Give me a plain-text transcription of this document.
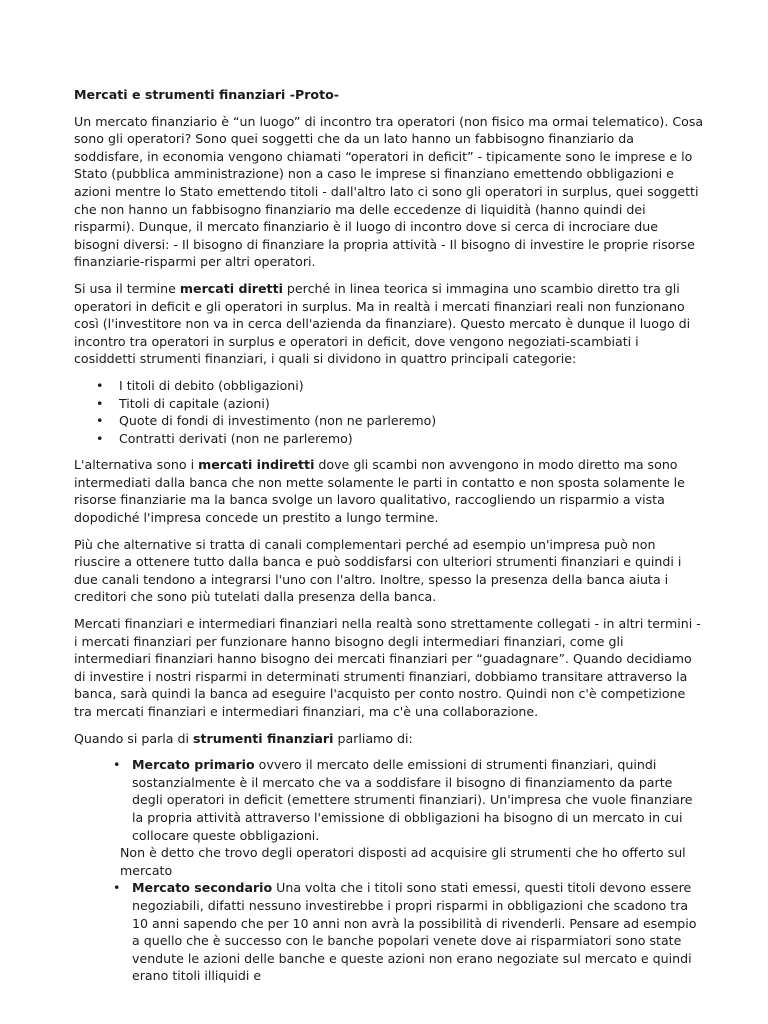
Mercati e strumenti finanziari -Proto-

Un mercato finanziario è “un luogo” di incontro tra operatori (non fisico ma ormai telematico). Cosa sono gli operatori? Sono quei soggetti che da un lato hanno un fabbisogno finanziario da soddisfare, in economia vengono chiamati “operatori in deficit” - tipicamente sono le imprese e lo Stato (pubblica amministrazione) non a caso le imprese si finanziano emettendo obbligazioni e azioni mentre lo Stato emettendo titoli - dall'altro lato ci sono gli operatori in surplus, quei soggetti che non hanno un fabbisogno finanziario ma delle eccedenze di liquidità (hanno quindi dei risparmi). Dunque, il mercato finanziario è il luogo di incontro dove si cerca di incrociare due bisogni diversi: - Il bisogno di finanziare la propria attività - Il bisogno di investire le proprie risorse finanziarie-risparmi per altri operatori.

Si usa il termine mercati diretti perché in linea teorica si immagina uno scambio diretto tra gli operatori in deficit e gli operatori in surplus. Ma in realtà i mercati finanziari reali non funzionano così (l'investitore non va in cerca dell'azienda da finanziare). Questo mercato è dunque il luogo di incontro tra operatori in surplus e operatori in deficit, dove vengono negoziati-scambiati i cosiddetti strumenti finanziari, i quali si dividono in quattro principali categorie:

• I titoli di debito (obbligazioni)
• Titoli di capitale (azioni)
• Quote di fondi di investimento (non ne parleremo)
• Contratti derivati (non ne parleremo)

L'alternativa sono i mercati indiretti dove gli scambi non avvengono in modo diretto ma sono intermediati dalla banca che non mette solamente le parti in contatto e non sposta solamente le risorse finanziarie ma la banca svolge un lavoro qualitativo, raccogliendo un risparmio a vista dopodiché l'impresa concede un prestito a lungo termine.

Più che alternative si tratta di canali complementari perché ad esempio un'impresa può non riuscire a ottenere tutto dalla banca e può soddisfarsi con ulteriori strumenti finanziari e quindi i due canali tendono a integrarsi l'uno con l'altro. Inoltre, spesso la presenza della banca aiuta i creditori che sono più tutelati dalla presenza della banca.

Mercati finanziari e intermediari finanziari nella realtà sono strettamente collegati - in altri termini - i mercati finanziari per funzionare hanno bisogno degli intermediari finanziari, come gli intermediari finanziari hanno bisogno dei mercati finanziari per “guadagnare”. Quando decidiamo di investire i nostri risparmi in determinati strumenti finanziari, dobbiamo transitare attraverso la banca, sarà quindi la banca ad eseguire l'acquisto per conto nostro. Quindi non c'è competizione tra mercati finanziari e intermediari finanziari, ma c'è una collaborazione.

Quando si parla di strumenti finanziari parliamo di:

• Mercato primario ovvero il mercato delle emissioni di strumenti finanziari, quindi sostanzialmente è il mercato che va a soddisfare il bisogno di finanziamento da parte degli operatori in deficit (emettere strumenti finanziari). Un'impresa che vuole finanziare la propria attività attraverso l'emissione di obbligazioni ha bisogno di un mercato in cui collocare queste obbligazioni.

Non è detto che trovo degli operatori disposti ad acquisire gli strumenti che ho offerto sul mercato

• Mercato secondario Una volta che i titoli sono stati emessi, questi titoli devono essere negoziabili, difatti nessuno investirebbe i propri risparmi in obbligazioni che scadono tra 10 anni sapendo che per 10 anni non avrà la possibilità di rivenderli. Pensare ad esempio a quello che è successo con le banche popolari venete dove ai risparmiatori sono state vendute le azioni delle banche e queste azioni non erano negoziate sul mercato e quindi erano titoli illiquidi e
